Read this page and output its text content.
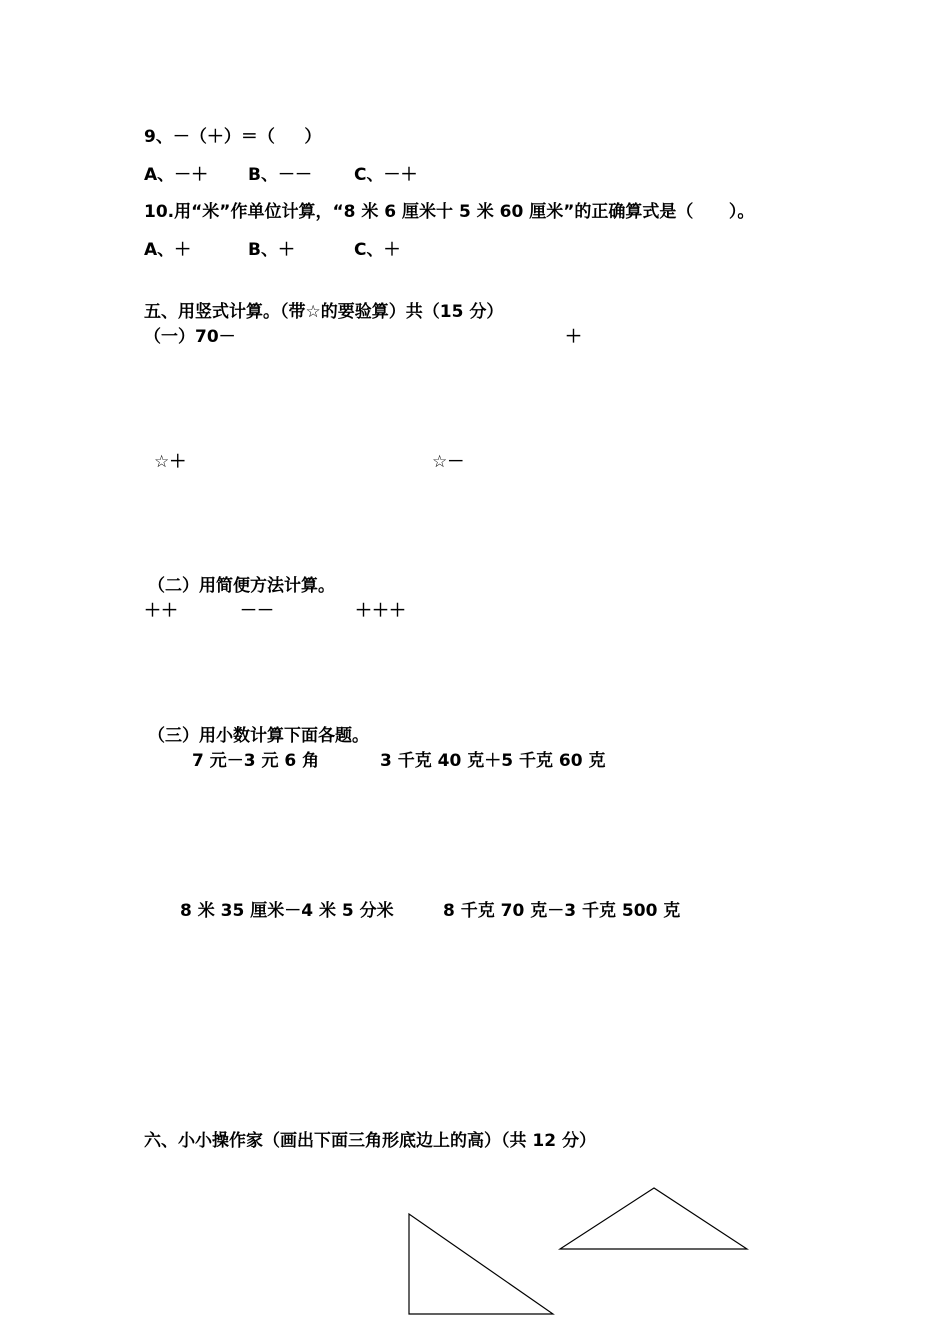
9、－（＋）＝（     ）
A、－＋ B、－－ C、－＋
10.用“米”作单位计算，“8 米 6 厘米十 5 米 60 厘米”的正确算式是（      ）。
A、＋	B、＋	C、＋
五、用竖式计算。（带☆的要验算）共（15 分）
（一）70－	＋
☆＋	☆－
（二）用简便方法计算。
＋＋	－－	＋＋＋
（三）用小数计算下面各题。
7 元－3 元 6 角	3 千克 40 克＋5 千克 60 克
8 米 35 厘米－4 米 5 分米	8 千克 70 克－3 千克 500 克
六、小小操作家（画出下面三角形底边上的高）（共 12 分）
